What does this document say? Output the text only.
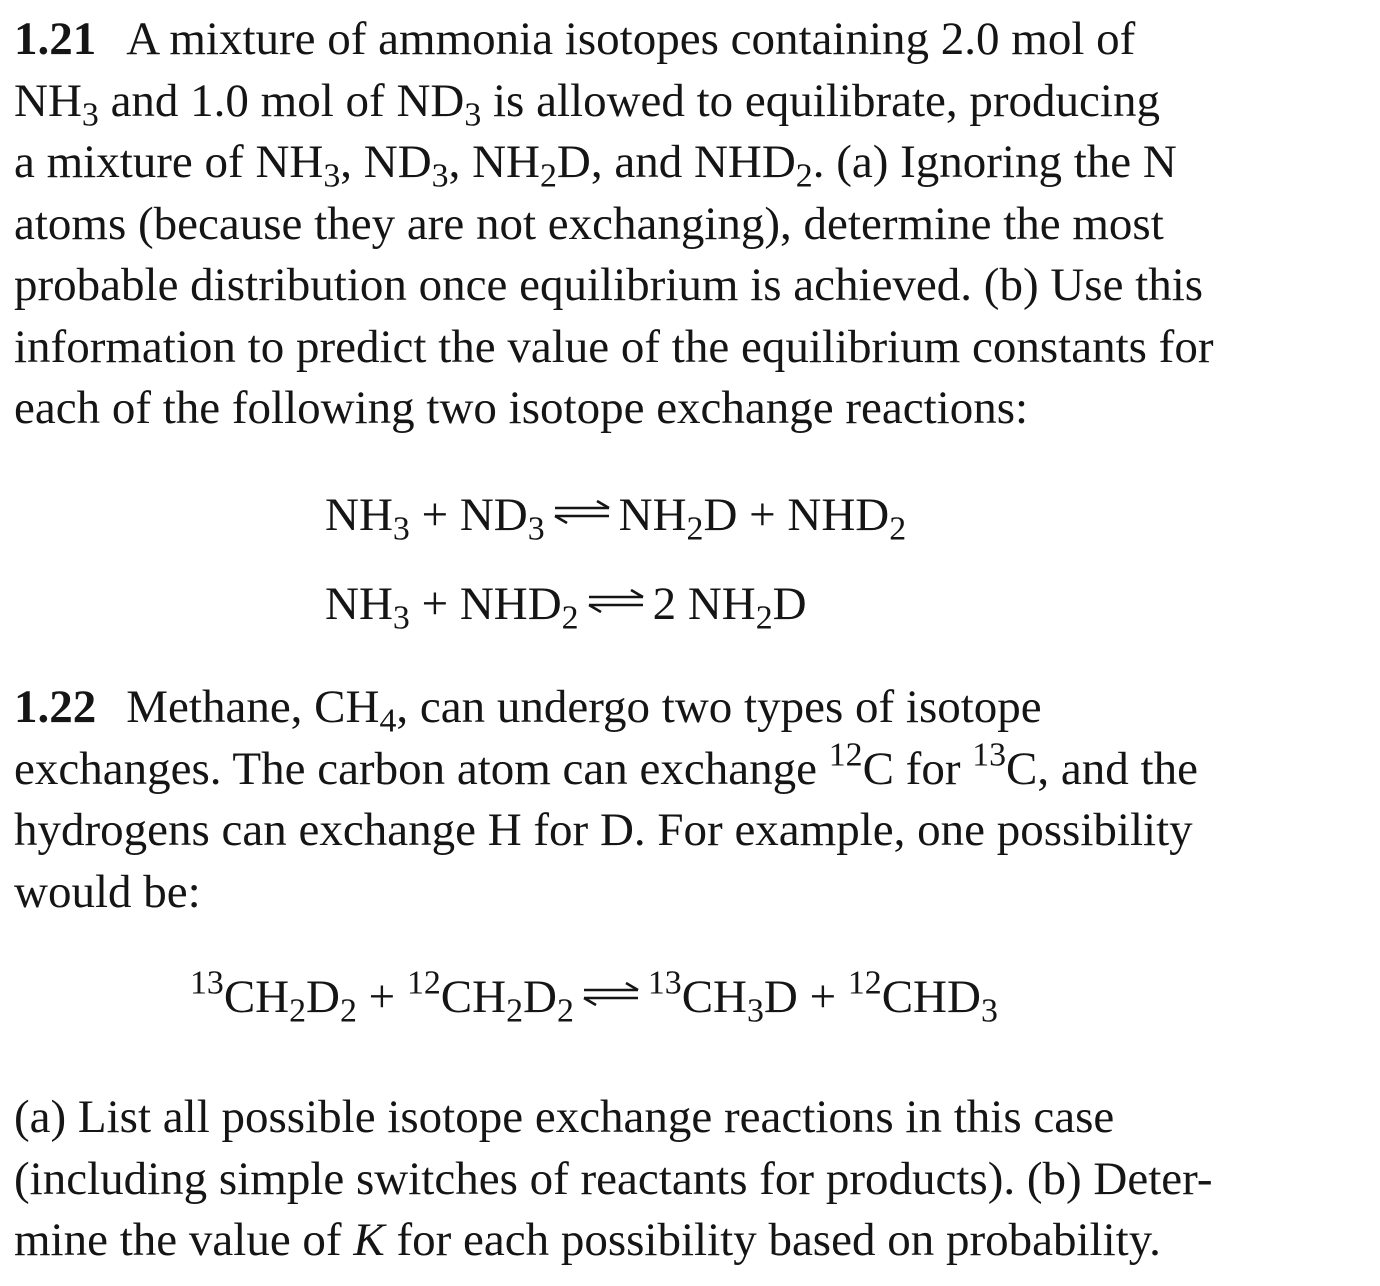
1.21 A mixture of ammonia isotopes containing 2.0 mol of
$NH_3$ and 1.0 mol of $ND_3$ is allowed to equilibrate, producing
a mixture of $NH_3$, $ND_3$, $NH_2D$, and $NHD_2$. (a) Ignoring the N
atoms (because they are not exchanging), determine the most
probable distribution once equilibrium is achieved. (b) Use this
information to predict the value of the equilibrium constants for
each of the following two isotope exchange reactions:
$NH_3 + ND_3$ ⇌ $NH_2D + NHD_2$
$NH_3 + NHD_2$ ⇌ 2 $NH_2D$
1.22 Methane, $CH_4$, can undergo two types of isotope
exchanges. The carbon atom can exchange $^{12}$C for $^{13}$C, and the
hydrogens can exchange H for D. For example, one possibility
would be:
$^{13}CH_2D_2 + ^{12}CH_2D_2$ ⇌ $^{13}CH_3D + ^{12}CHD_3$
(a) List all possible isotope exchange reactions in this case
(including simple switches of reactants for products). (b) Deter-
mine the value of K for each possibility based on probability.
